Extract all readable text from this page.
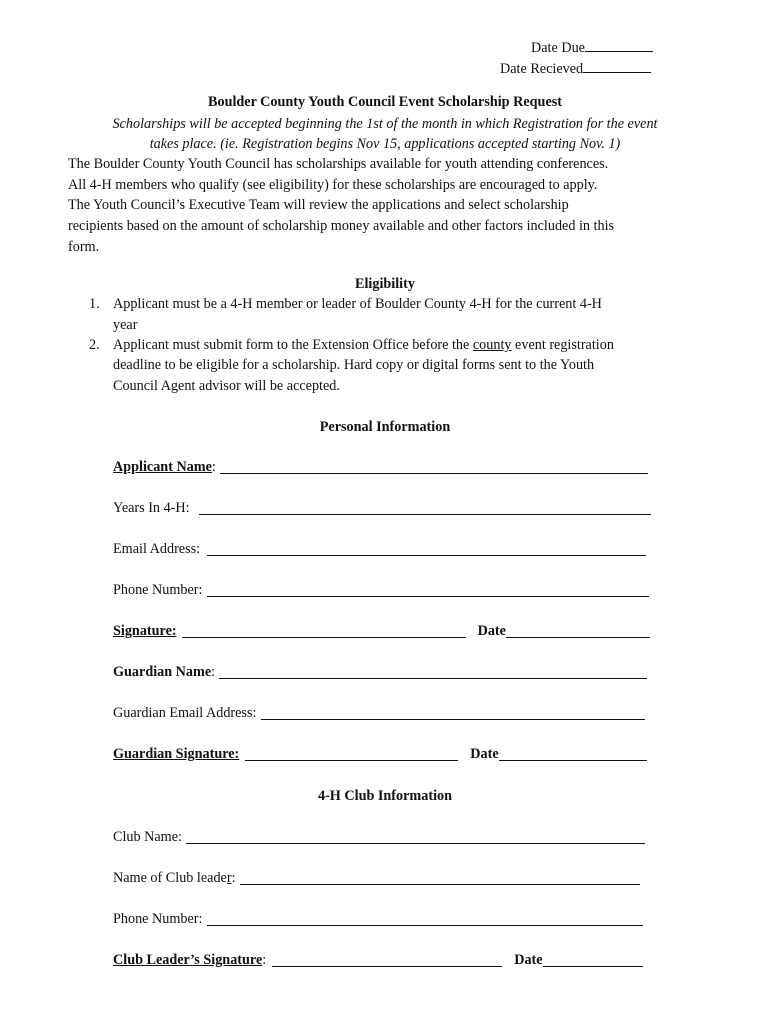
Date Due
Date Recieved
Boulder County Youth Council Event Scholarship Request
Scholarships will be accepted beginning the 1st of the month in which Registration for the event
takes place. (ie. Registration begins Nov 15, applications accepted starting Nov. 1)
The Boulder County Youth Council has scholarships available for youth attending conferences.
All 4-H members who qualify (see eligibility) for these scholarships are encouraged to apply.
The Youth Council’s Executive Team will review the applications and select scholarship
recipients based on the amount of scholarship money available and other factors included in this
form.
Eligibility
1. Applicant must be a 4-H member or leader of Boulder County 4-H for the current 4-H
year
2. Applicant must submit form to the Extension Office before the county event registration
deadline to be eligible for a scholarship. Hard copy or digital forms sent to the Youth
Council Agent advisor will be accepted.
Personal Information
Applicant Name :
Years In 4-H:
Email Address:
Phone Number:
Signature:	Date
Guardian Name :
Guardian Email Address:
Guardian Signature:	Date
4-H Club Information
Club Name:
Name of Club leader:
Phone Number:
Club Leader’s Signature :	Date
